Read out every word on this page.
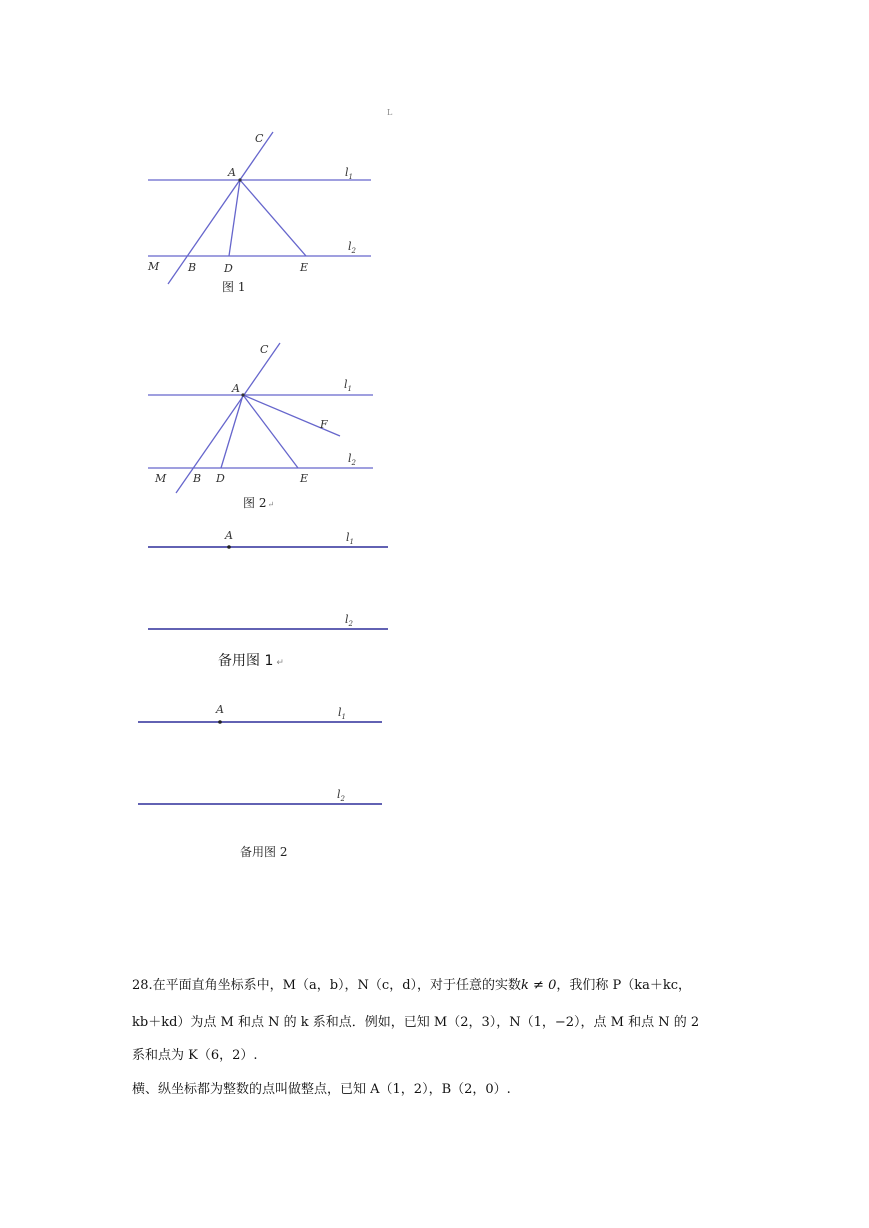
L
C
A	$l_1$
$l_2$
M	B	D	E
图 1
C
A
F
$l_1$
$l_2$
M B D	E
图 2↵
A	$l_1$
$l_2$
备用图 1 ↵
A	$l_1$
$l_2$
备用图 2
28.在平面直角坐标系中，M（a，b），N（c，d），对于任意的实数k ≠ 0，我们称 P（ka＋kc，
kb＋kd）为点 M 和点 N 的 k 系和点．例如，已知 M（2，3），N（1，−2），点 M 和点 N 的 2
系和点为 K（6，2）.
横、纵坐标都为整数的点叫做整点，已知 A（1，2），B（2，0）.
